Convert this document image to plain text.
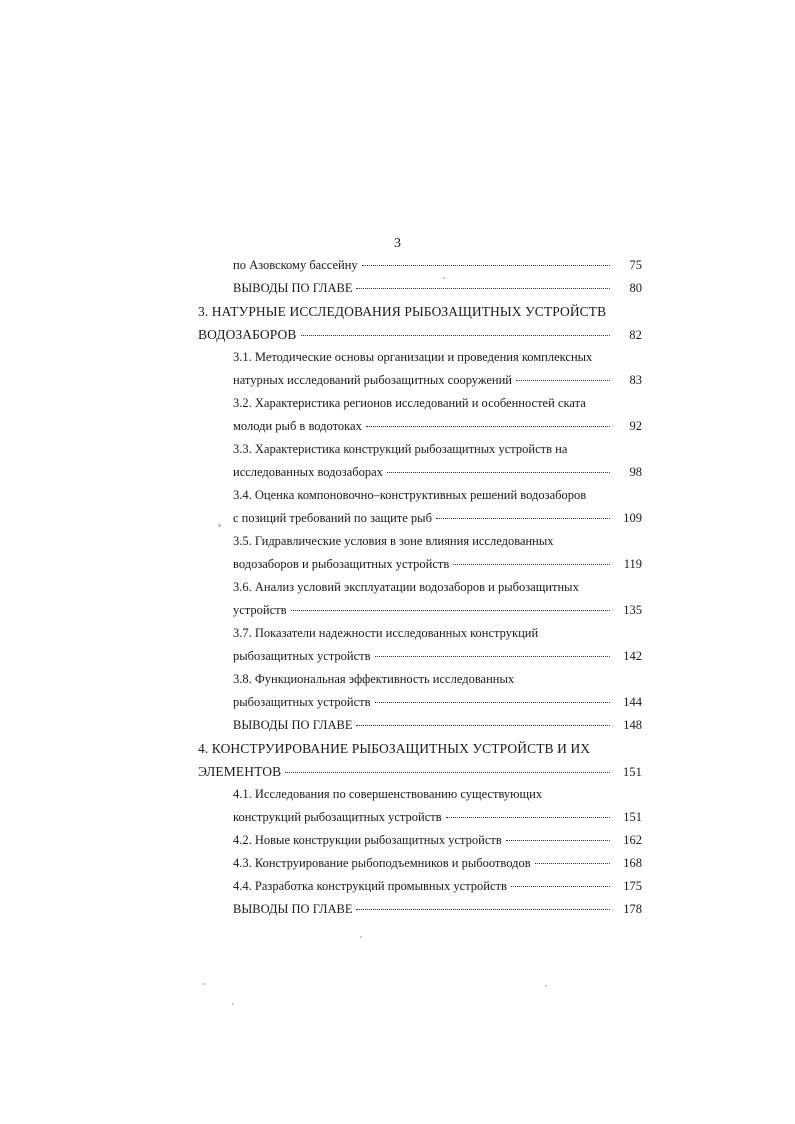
3
по Азовскому бассейну	75
ВЫВОДЫ ПО ГЛАВЕ	80
3. НАТУРНЫЕ ИССЛЕДОВАНИЯ РЫБОЗАЩИТНЫХ УСТРОЙСТВ
ВОДОЗАБОРОВ	82
3.1. Методические основы организации и проведения комплексных
натурных исследований рыбозащитных сооружений	83
3.2. Характеристика регионов исследований и особенностей ската
молоди рыб в водотоках	92
3.3. Характеристика конструкций рыбозащитных устройств на
исследованных водозаборах	98
3.4. Оценка компоновочно–конструктивных решений водозаборов
с позиций требований по защите рыб	109
3.5. Гидравлические условия в зоне влияния исследованных
водозаборов и рыбозащитных устройств	119
3.6. Анализ условий эксплуатации водозаборов и рыбозащитных
устройств	135
3.7. Показатели надежности исследованных конструкций
рыбозащитных устройств	142
3.8. Функциональная эффективность исследованных
рыбозащитных устройств	144
ВЫВОДЫ ПО ГЛАВЕ	148
4. КОНСТРУИРОВАНИЕ РЫБОЗАЩИТНЫХ УСТРОЙСТВ И ИХ
ЭЛЕМЕНТОВ	151
4.1. Исследования по совершенствованию существующих
конструкций рыбозащитных устройств	151
4.2. Новые конструкции рыбозащитных устройств	162
4.3. Конструирование рыбоподъемников и рыбоотводов	168
4.4. Разработка конструкций промывных устройств	175
ВЫВОДЫ ПО ГЛАВЕ	178
